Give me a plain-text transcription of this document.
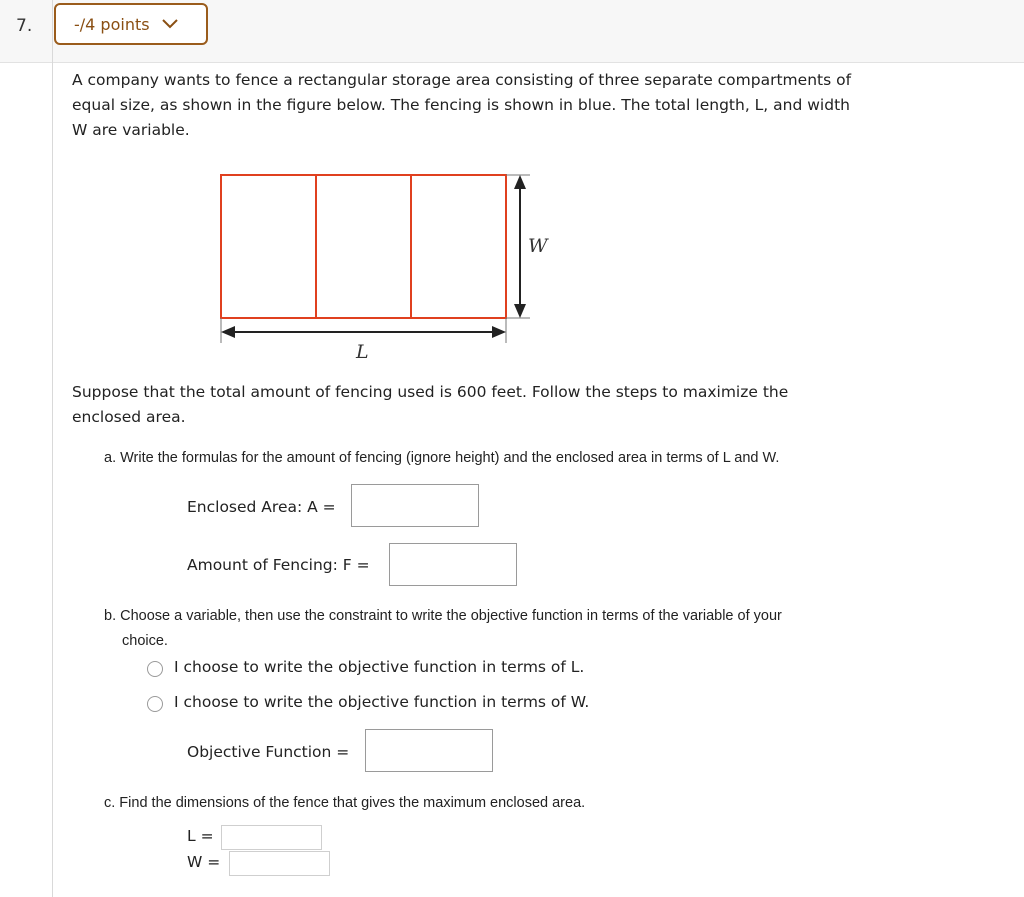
7.	-/4 points
A company wants to fence a rectangular storage area consisting of three separate compartments of
equal size, as shown in the figure below. The fencing is shown in blue. The total length, L, and width
W are variable.
W
L
Suppose that the total amount of fencing used is 600 feet. Follow the steps to maximize the
enclosed area.
a. Write the formulas for the amount of fencing (ignore height) and the enclosed area in terms of L and W.
Enclosed Area: A =
Amount of Fencing: F =
b. Choose a variable, then use the constraint to write the objective function in terms of the variable of your
choice.
I choose to write the objective function in terms of L.
I choose to write the objective function in terms of W.
Objective Function =
c. Find the dimensions of the fence that gives the maximum enclosed area.
L =
W =
